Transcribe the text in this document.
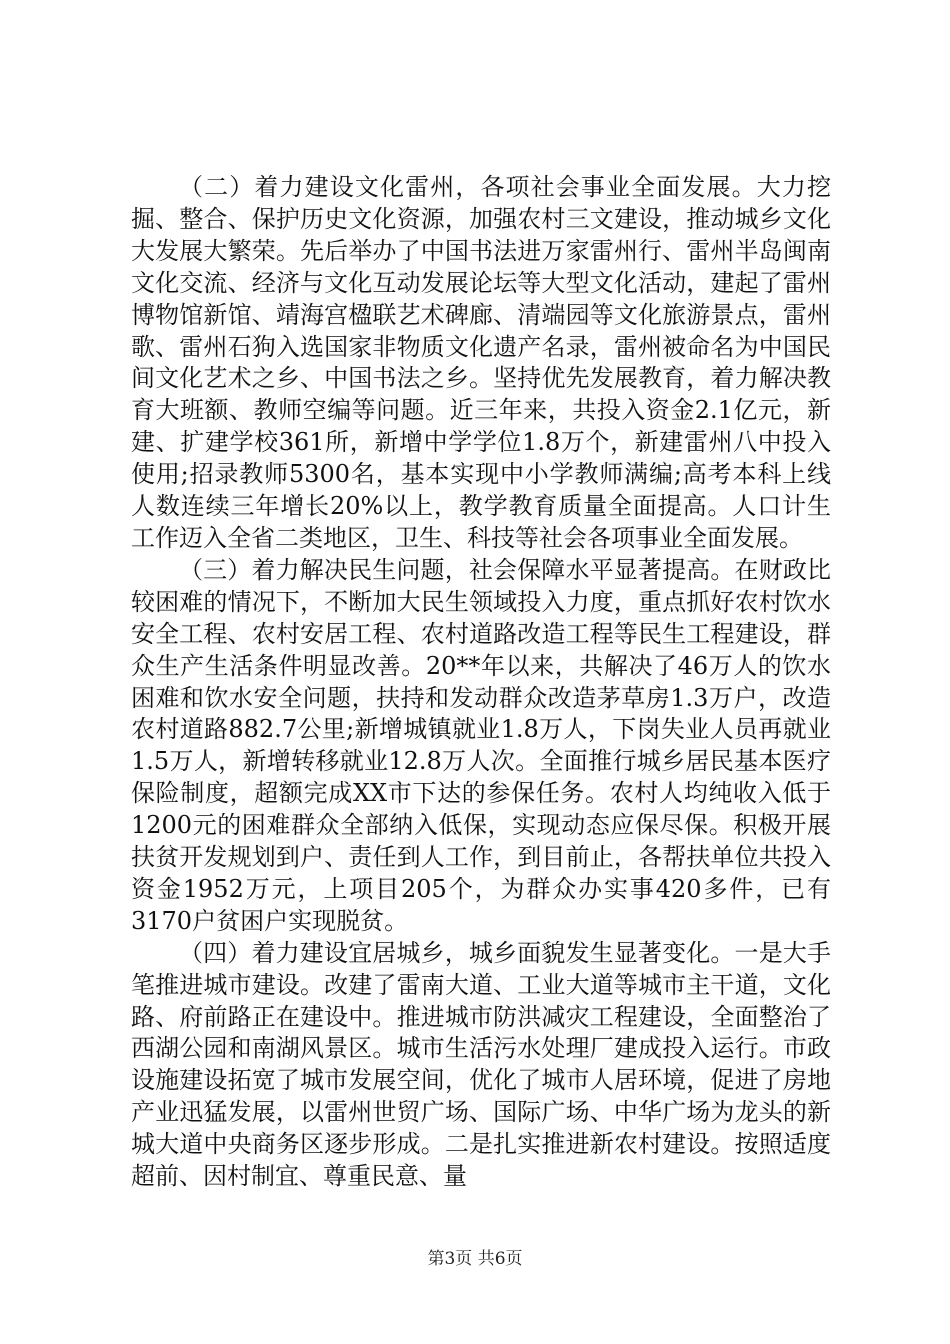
（二）着力建设文化雷州，各项社会事业全面发展。大力挖掘、整合、保护历史文化资源，加强农村三文建设，推动城乡文化大发展大繁荣。先后举办了中国书法进万家雷州行、雷州半岛闽南文化交流、经济与文化互动发展论坛等大型文化活动，建起了雷州博物馆新馆、靖海宫楹联艺术碑廊、清端园等文化旅游景点，雷州歌、雷州石狗入选国家非物质文化遗产名录，雷州被命名为中国民间文化艺术之乡、中国书法之乡。坚持优先发展教育，着力解决教育大班额、教师空编等问题。近三年来，共投入资金2.1亿元，新建、扩建学校361所，新增中学学位1.8万个，新建雷州八中投入使用;招录教师5300名，基本实现中小学教师满编;高考本科上线人数连续三年增长20%以上，教学教育质量全面提高。人口计生工作迈入全省二类地区，卫生、科技等社会各项事业全面发展。

（三）着力解决民生问题，社会保障水平显著提高。在财政比较困难的情况下，不断加大民生领域投入力度，重点抓好农村饮水安全工程、农村安居工程、农村道路改造工程等民生工程建设，群众生产生活条件明显改善。20**年以来，共解决了46万人的饮水困难和饮水安全问题，扶持和发动群众改造茅草房1.3万户，改造农村道路882.7公里;新增城镇就业1.8万人，下岗失业人员再就业1.5万人，新增转移就业12.8万人次。全面推行城乡居民基本医疗保险制度，超额完成XX市下达的参保任务。农村人均纯收入低于1200元的困难群众全部纳入低保，实现动态应保尽保。积极开展扶贫开发规划到户、责任到人工作，到目前止，各帮扶单位共投入资金1952万元，上项目205个，为群众办实事420多件，已有3170户贫困户实现脱贫。

（四）着力建设宜居城乡，城乡面貌发生显著变化。一是大手笔推进城市建设。改建了雷南大道、工业大道等城市主干道，文化路、府前路正在建设中。推进城市防洪减灾工程建设，全面整治了西湖公园和南湖风景区。城市生活污水处理厂建成投入运行。市政设施建设拓宽了城市发展空间，优化了城市人居环境，促进了房地产业迅猛发展，以雷州世贸广场、国际广场、中华广场为龙头的新城大道中央商务区逐步形成。二是扎实推进新农村建设。按照适度超前、因村制宜、尊重民意、量

第3页 共6页
